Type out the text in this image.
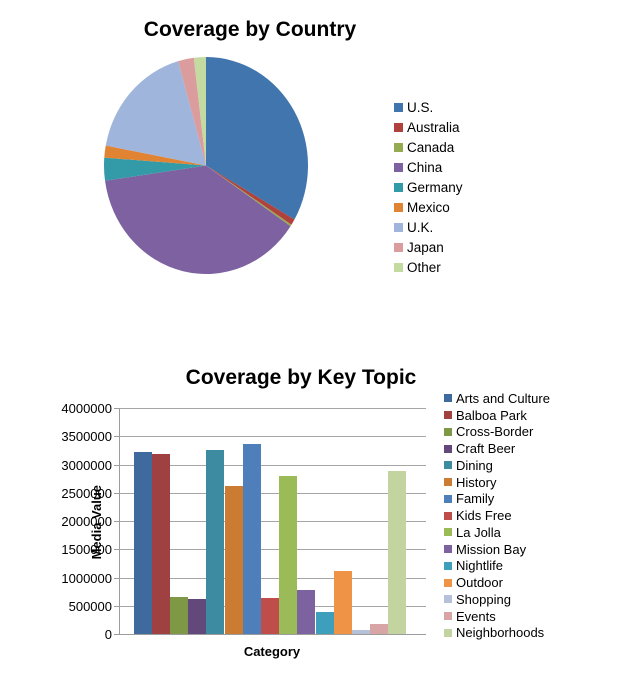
Coverage by Country
U.S.
Australia
Canada
China
Germany
Mexico
U.K.
Japan
Other
Coverage by Key Topic
Media Value
0
500000
1000000
1500000
2000000
2500000
3000000
3500000
4000000
Category
Arts and Culture
Balboa Park
Cross-Border
Craft Beer
Dining
History
Family
Kids Free
La Jolla
Mission Bay
Nightlife
Outdoor
Shopping
Events
Neighborhoods
